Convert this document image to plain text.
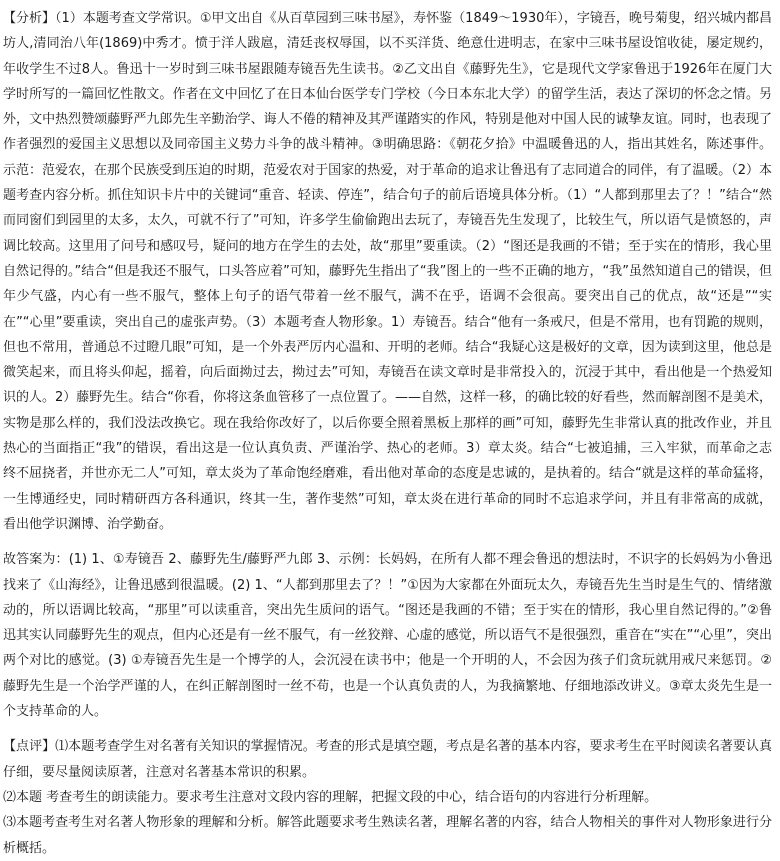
【分析】（1）本题考查文学常识。①甲文出自《从百草园到三味书屋》，寿怀鉴（1849～1930年），字镜吾，晚号菊叟，绍兴城内都昌坊人,清同治八年(1869)中秀才。愤于洋人跋扈，清廷丧权辱国，以不买洋货、绝意仕进明志，在家中三味书屋设馆收徒，屡定规约，年收学生不过8人。鲁迅十一岁时到三味书屋跟随寿镜吾先生读书。②乙文出自《藤野先生》，它是现代文学家鲁迅于1926年在厦门大学时所写的一篇回忆性散文。作者在文中回忆了在日本仙台医学专门学校（今日本东北大学）的留学生活，表达了深切的怀念之情。另外，文中热烈赞颂藤野严九郎先生辛勤治学、诲人不倦的精神及其严谨踏实的作风，特别是他对中国人民的诚挚友谊。同时，也表现了作者强烈的爱国主义思想以及同帝国主义势力斗争的战斗精神。③明确思路：《朝花夕拾》中温暖鲁迅的人，指出其姓名，陈述事件。示范：范爱农，在那个民族受到压迫的时期，范爱农对于国家的热爱，对于革命的追求让鲁迅有了志同道合的同伴，有了温暖。（2）本题考查内容分析。抓住知识卡片中的关键词“重音、轻读、停连”，结合句子的前后语境具体分析。（1）“人都到那里去了？！”结合“然而同窗们到园里的太多，太久，可就不行了”可知，许多学生偷偷跑出去玩了，寿镜吾先生发现了，比较生气，所以语气是愤怒的，声调比较高。这里用了问号和感叹号，疑问的地方在学生的去处，故“那里”要重读。（2）“图还是我画的不错；至于实在的情形，我心里自然记得的。”结合“但是我还不服气，口头答应着”可知，藤野先生指出了“我”图上的一些不正确的地方，“我”虽然知道自己的错误，但年少气盛，内心有一些不服气，整体上句子的语气带着一丝不服气，满不在乎，语调不会很高。要突出自己的优点，故“还是”“实在”“心里”要重读，突出自己的虚张声势。（3）本题考查人物形象。1）寿镜吾。结合“他有一条戒尺，但是不常用，也有罚跪的规则，但也不常用，普通总不过瞪几眼”可知，是一个外表严厉内心温和、开明的老师。结合“我疑心这是极好的文章，因为读到这里，他总是微笑起来，而且将头仰起，摇着，向后面拗过去，拗过去”可知，寿镜吾在读文章时是非常投入的，沉浸于其中，看出他是一个热爱知识的人。2）藤野先生。结合“你看，你将这条血管移了一点位置了。——自然，这样一移，的确比较的好看些，然而解剖图不是美术，实物是那么样的，我们没法改换它。现在我给你改好了，以后你要全照着黑板上那样的画”可知，藤野先生非常认真的批改作业，并且热心的当面指正“我”的错误，看出这是一位认真负责、严谨治学、热心的老师。3）章太炎。结合“七被追捕，三入牢狱，而革命之志终不屈挠者，并世亦无二人”可知，章太炎为了革命饱经磨难，看出他对革命的态度是忠诚的，是执着的。结合“就是这样的革命猛将，一生博通经史，同时精研西方各科通识，终其一生，著作斐然”可知，章太炎在进行革命的同时不忘追求学问，并且有非常高的成就，看出他学识渊博、治学勤奋。

故答案为：(1) 1、①寿镜吾 2、藤野先生/藤野严九郎 3、示例：长妈妈，在所有人都不理会鲁迅的想法时，不识字的长妈妈为小鲁迅找来了《山海经》，让鲁迅感到很温暖。(2) 1、“人都到那里去了？！”①因为大家都在外面玩太久，寿镜吾先生当时是生气的、情绪激动的，所以语调比较高，“那里”可以读重音，突出先生质问的语气。“图还是我画的不错；至于实在的情形，我心里自然记得的。”②鲁迅其实认同藤野先生的观点，但内心还是有一丝不服气，有一丝狡辩、心虚的感觉，所以语气不是很强烈，重音在“实在”“心里”，突出两个对比的感觉。(3) ①寿镜吾先生是一个博学的人，会沉浸在读书中；他是一个开明的人，不会因为孩子们贪玩就用戒尺来惩罚。②藤野先生是一个治学严谨的人，在纠正解剖图时一丝不苟，也是一个认真负责的人，为我摘繁地、仔细地添改讲义。③章太炎先生是一个支持革命的人。

【点评】⑴本题考查学生对名著有关知识的掌握情况。考查的形式是填空题，考点是名著的基本内容，要求考生在平时阅读名著要认真仔细，要尽量阅读原著，注意对名著基本常识的积累。

⑵本题 考查考生的朗读能力。要求考生注意对文段内容的理解，把握文段的中心，结合语句的内容进行分析理解。

⑶本题考查考生对名著人物形象的理解和分析。解答此题要求考生熟读名著，理解名著的内容，结合人物相关的事件对人物形象进行分析概括。
